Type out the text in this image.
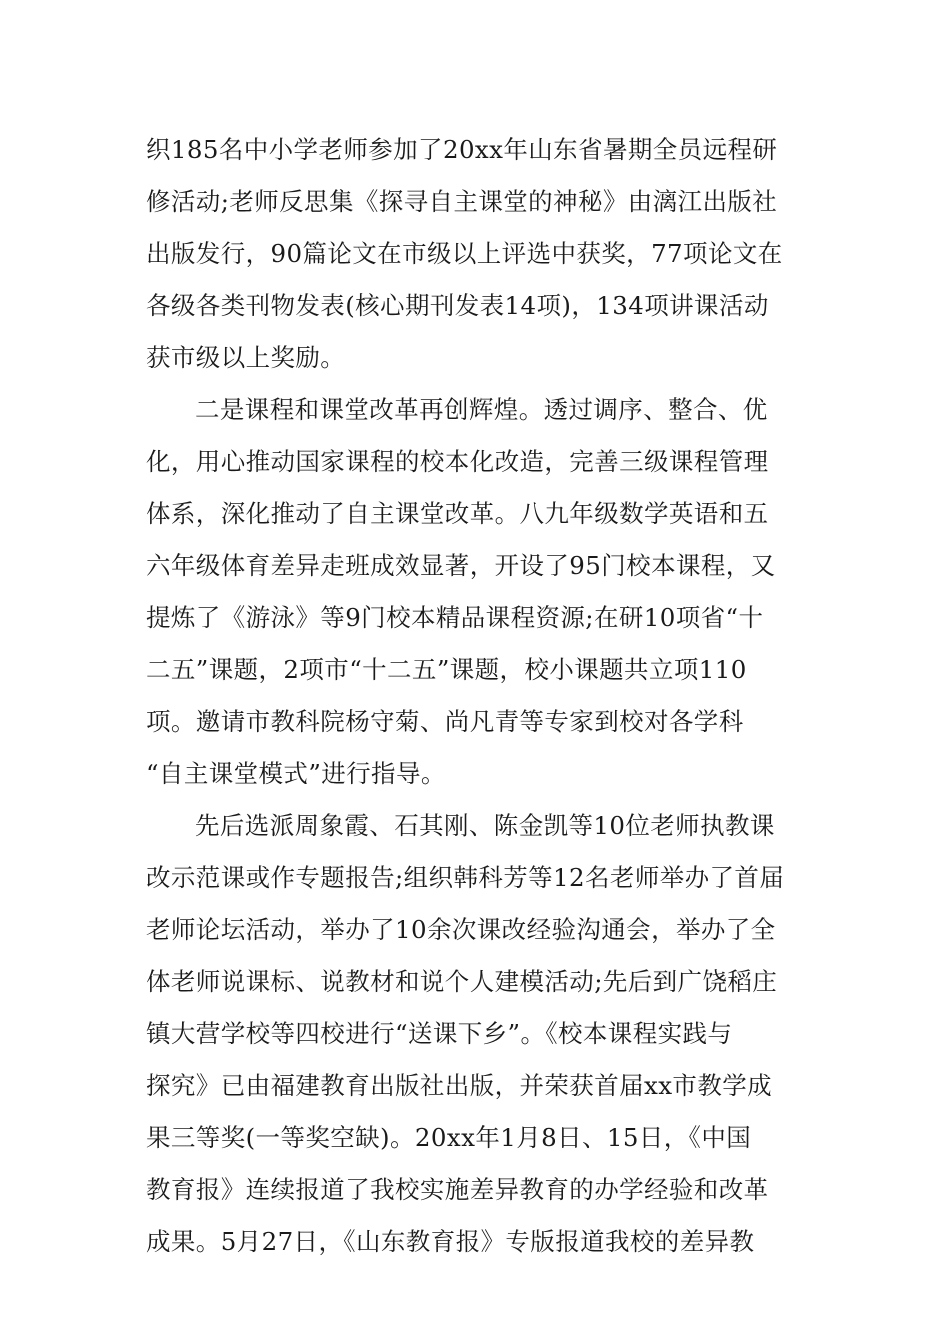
织185名中小学老师参加了20xx年山东省暑期全员远程研
修活动;老师反思集《探寻自主课堂的神秘》由漓江出版社
出版发行，90篇论文在市级以上评选中获奖，77项论文在
各级各类刊物发表(核心期刊发表14项)，134项讲课活动
获市级以上奖励。
二是课程和课堂改革再创辉煌。透过调序、整合、优
化，用心推动国家课程的校本化改造，完善三级课程管理
体系，深化推动了自主课堂改革。八九年级数学英语和五
六年级体育差异走班成效显著，开设了95门校本课程，又
提炼了《游泳》等9门校本精品课程资源;在研10项省“十
二五”课题，2项市“十二五”课题，校小课题共立项110
项。邀请市教科院杨守菊、尚凡青等专家到校对各学科
“自主课堂模式”进行指导。
先后选派周象霞、石其刚、陈金凯等10位老师执教课
改示范课或作专题报告;组织韩科芳等12名老师举办了首届
老师论坛活动，举办了10余次课改经验沟通会，举办了全
体老师说课标、说教材和说个人建模活动;先后到广饶稻庄
镇大营学校等四校进行“送课下乡”。《校本课程实践与
探究》已由福建教育出版社出版，并荣获首届xx市教学成
果三等奖(一等奖空缺)。20xx年1月8日、15日，《中国
教育报》连续报道了我校实施差异教育的办学经验和改革
成果。5月27日，《山东教育报》专版报道我校的差异教
